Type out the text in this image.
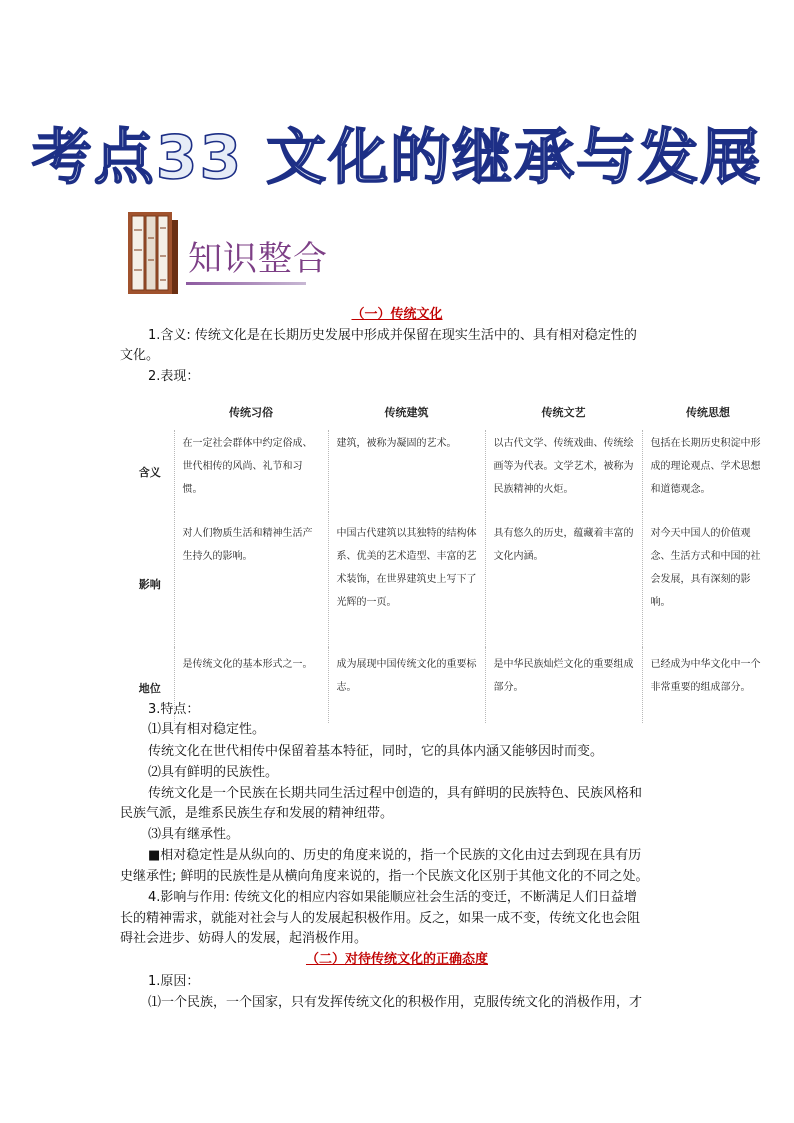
考点33 文化的继承与发展
知识整合
（一）传统文化
1.含义: 传统文化是在长期历史发展中形成并保留在现实生活中的、具有相对稳定性的
文化。
2.表现：
	传统习俗	传统建筑	传统文艺	传统思想
含义	在一定社会群体中约定俗成、世代相传的风尚、礼节和习惯。	建筑，被称为凝固的艺术。	以古代文学、传统戏曲、传统绘画等为代表。文学艺术，被称为民族精神的火炬。	包括在长期历史积淀中形成的理论观点、学术思想和道德观念。
影响	对人们物质生活和精神生活产生持久的影响。	中国古代建筑以其独特的结构体系、优美的艺术造型、丰富的艺术装饰，在世界建筑史上写下了光辉的一页。	具有悠久的历史，蕴藏着丰富的文化内涵。	对今天中国人的价值观念、生活方式和中国的社会发展，具有深刻的影响。
地位	是传统文化的基本形式之一。	成为展现中国传统文化的重要标志。	是中华民族灿烂文化的重要组成部分。	已经成为中华文化中一个非常重要的组成部分。
3.特点：
⑴具有相对稳定性。
传统文化在世代相传中保留着基本特征，同时，它的具体内涵又能够因时而变。
⑵具有鲜明的民族性。
传统文化是一个民族在长期共同生活过程中创造的，具有鲜明的民族特色、民族风格和
民族气派，是维系民族生存和发展的精神纽带。
⑶具有继承性。
■相对稳定性是从纵向的、历史的角度来说的，指一个民族的文化由过去到现在具有历
史继承性; 鲜明的民族性是从横向角度来说的，指一个民族文化区别于其他文化的不同之处。
4.影响与作用: 传统文化的相应内容如果能顺应社会生活的变迁，不断满足人们日益增
长的精神需求，就能对社会与人的发展起积极作用。反之，如果一成不变，传统文化也会阻
碍社会进步、妨碍人的发展，起消极作用。
（二）对待传统文化的正确态度
1.原因：
⑴一个民族，一个国家，只有发挥传统文化的积极作用，克服传统文化的消极作用，才
